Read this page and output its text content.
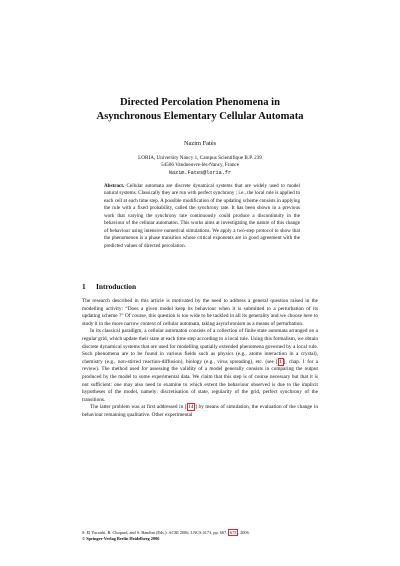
Directed Percolation Phenomena in
Asynchronous Elementary Cellular Automata
Nazim Fatès
LORIA, University Nancy 1, Campus Scientifique B.P. 239
54506 Vandoeuvre-lès-Nancy, France
Nazim.Fates@loria.fr
Abstract. Cellular automata are discrete dynamical systems that are widely used to model natural systems. Classically they are run with perfect synchrony ; i.e., the local rule is applied to each cell at each time step. A possible modification of the updating scheme consists in applying the rule with a fixed probability, called the synchrony rate. It has been shown in a previous work that varying the synchrony rate continuously could produce a discontinuity in the behaviour of the cellular automaton. This works aims at investigating the nature of this change of behaviour using intensive numerical simulations. We apply a two-step protocol to show that the phenomenon is a phase transition whose critical exponents are in good agreement with the predicted values of directed percolation.
1 Introduction

The research described in this article is motivated by the need to address a general question raised in the modelling activity: “Does a given model keep its behaviour when it is submitted to a perturbation of its updating scheme ?” Of course, this question is too wide to be tackled in all its generality and we choose here to study it in the more narrow context of cellular automata, taking asynchronism as a means of perturbation.

In its classical paradigm, a cellular automaton consists of a collection of finite state automata arranged on a regular grid, which update their state at each time step according to a local rule. Using this formalism, we obtain discrete dynamical systems that are used for modelling spatially extended phenomena governed by a local rule. Such phenomena are to be found in various fields such as physics (e.g., atoms interaction in a crystal), chemistry (e.g., non-stirred reaction-diffusion), biology (e.g., virus spreading), etc. (see [ 1 ], chap. 1 for a review). The method used for assessing the validity of a model generally consists in comparing the output produced by the model to some experimental data. We claim that this step is of course necessary but that it is not sufficient: one may also need to examine to which extent the behaviour observed is due to the implicit hypotheses of the model, namely: discretisation of state, regularity of the grid, perfect synchrony of the transitions.

The latter problem was at first addressed in [ 14 ] by means of simulation, the evaluation of the change in behaviour remaining qualitative. Other experimental

S. El Yacoubi, B. Chopard, and S. Bandini (Eds.): ACRI 2006, LNCS 4173, pp. 667– 675 , 2006.
© Springer-Verlag Berlin Heidelberg 2006
